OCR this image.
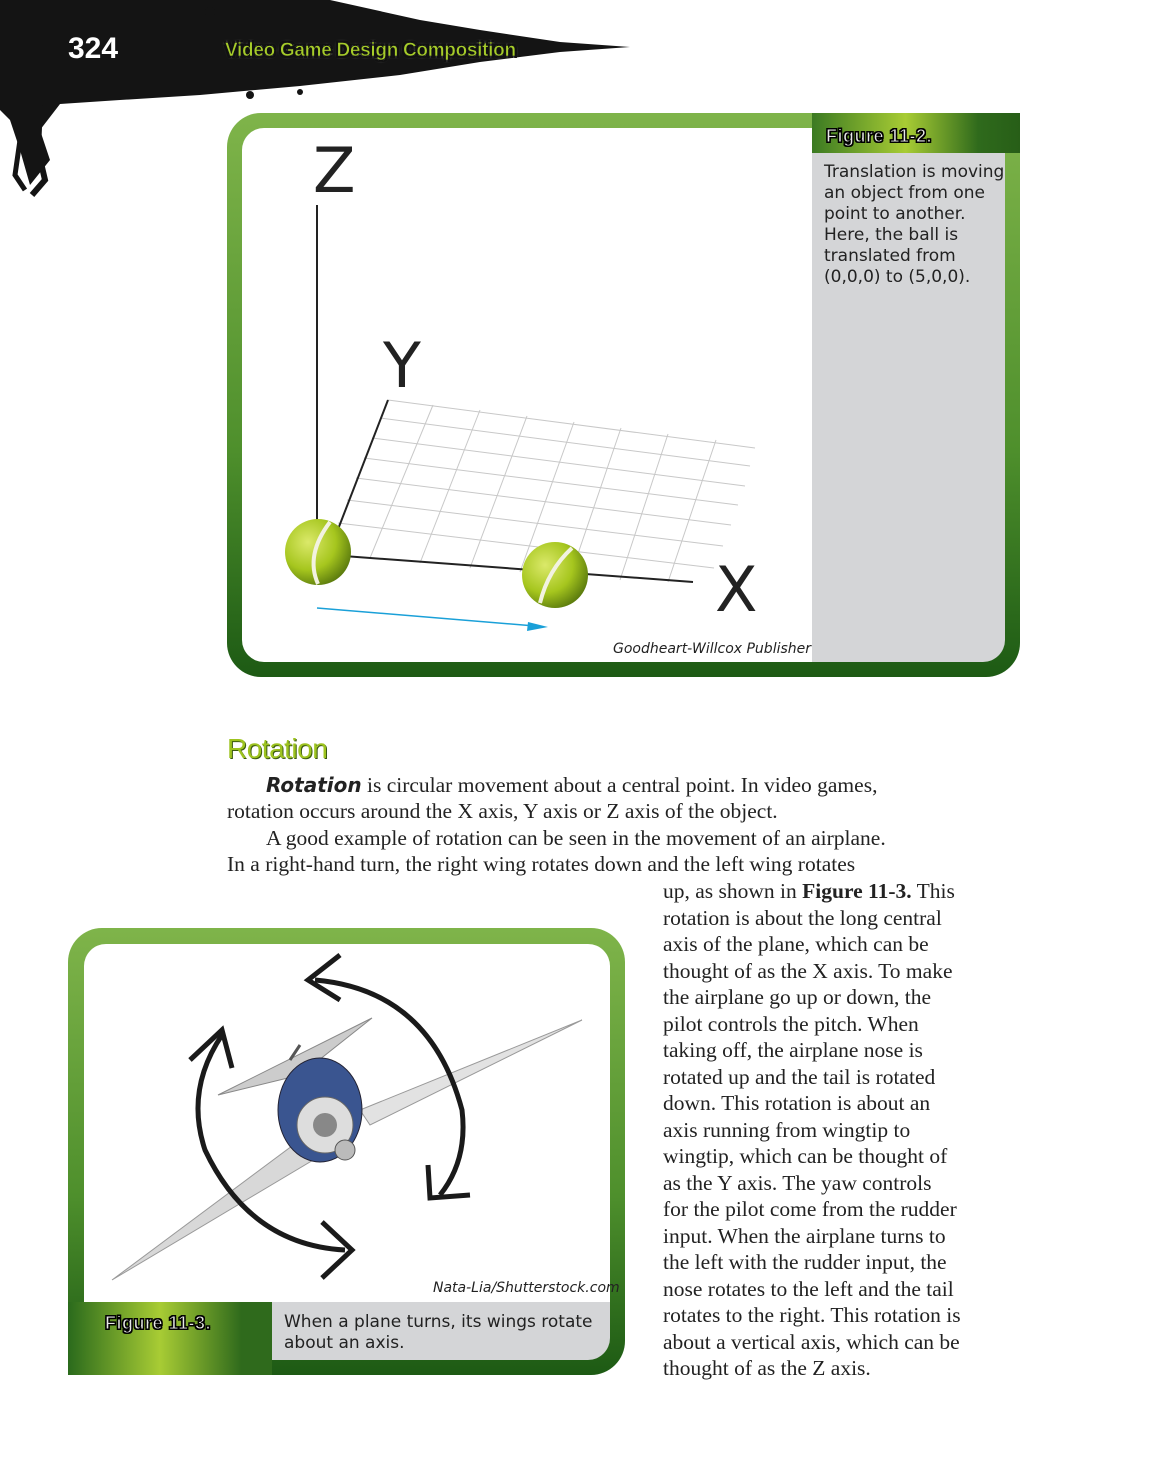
324	Video Game Design Composition
Figure 11-2.
Translation is moving
an object from one
point to another.
Here, the ball is
translated from
(0,0,0) to (5,0,0).
Z
Y
X
Goodheart-Willcox Publisher
Rotation
Rotation is circular movement about a central point. In video games,
rotation occurs around the X axis, Y axis or Z axis of the object.
A good example of rotation can be seen in the movement of an airplane.
In a right-hand turn, the right wing rotates down and the left wing rotates
up, as shown in Figure 11-3. This
rotation is about the long central
axis of the plane, which can be
thought of as the X axis. To make
the airplane go up or down, the
pilot controls the pitch. When
taking off, the airplane nose is
rotated up and the tail is rotated
down. This rotation is about an
axis running from wingtip to
wingtip, which can be thought of
as the Y axis. The yaw controls
for the pilot come from the rudder
input. When the airplane turns to
the left with the rudder input, the
nose rotates to the left and the tail
rotates to the right. This rotation is
about a vertical axis, which can be
thought of as the Z axis.
Nata-Lia/Shutterstock.com
Figure 11-3.	When a plane turns, its wings rotate
about an axis.
